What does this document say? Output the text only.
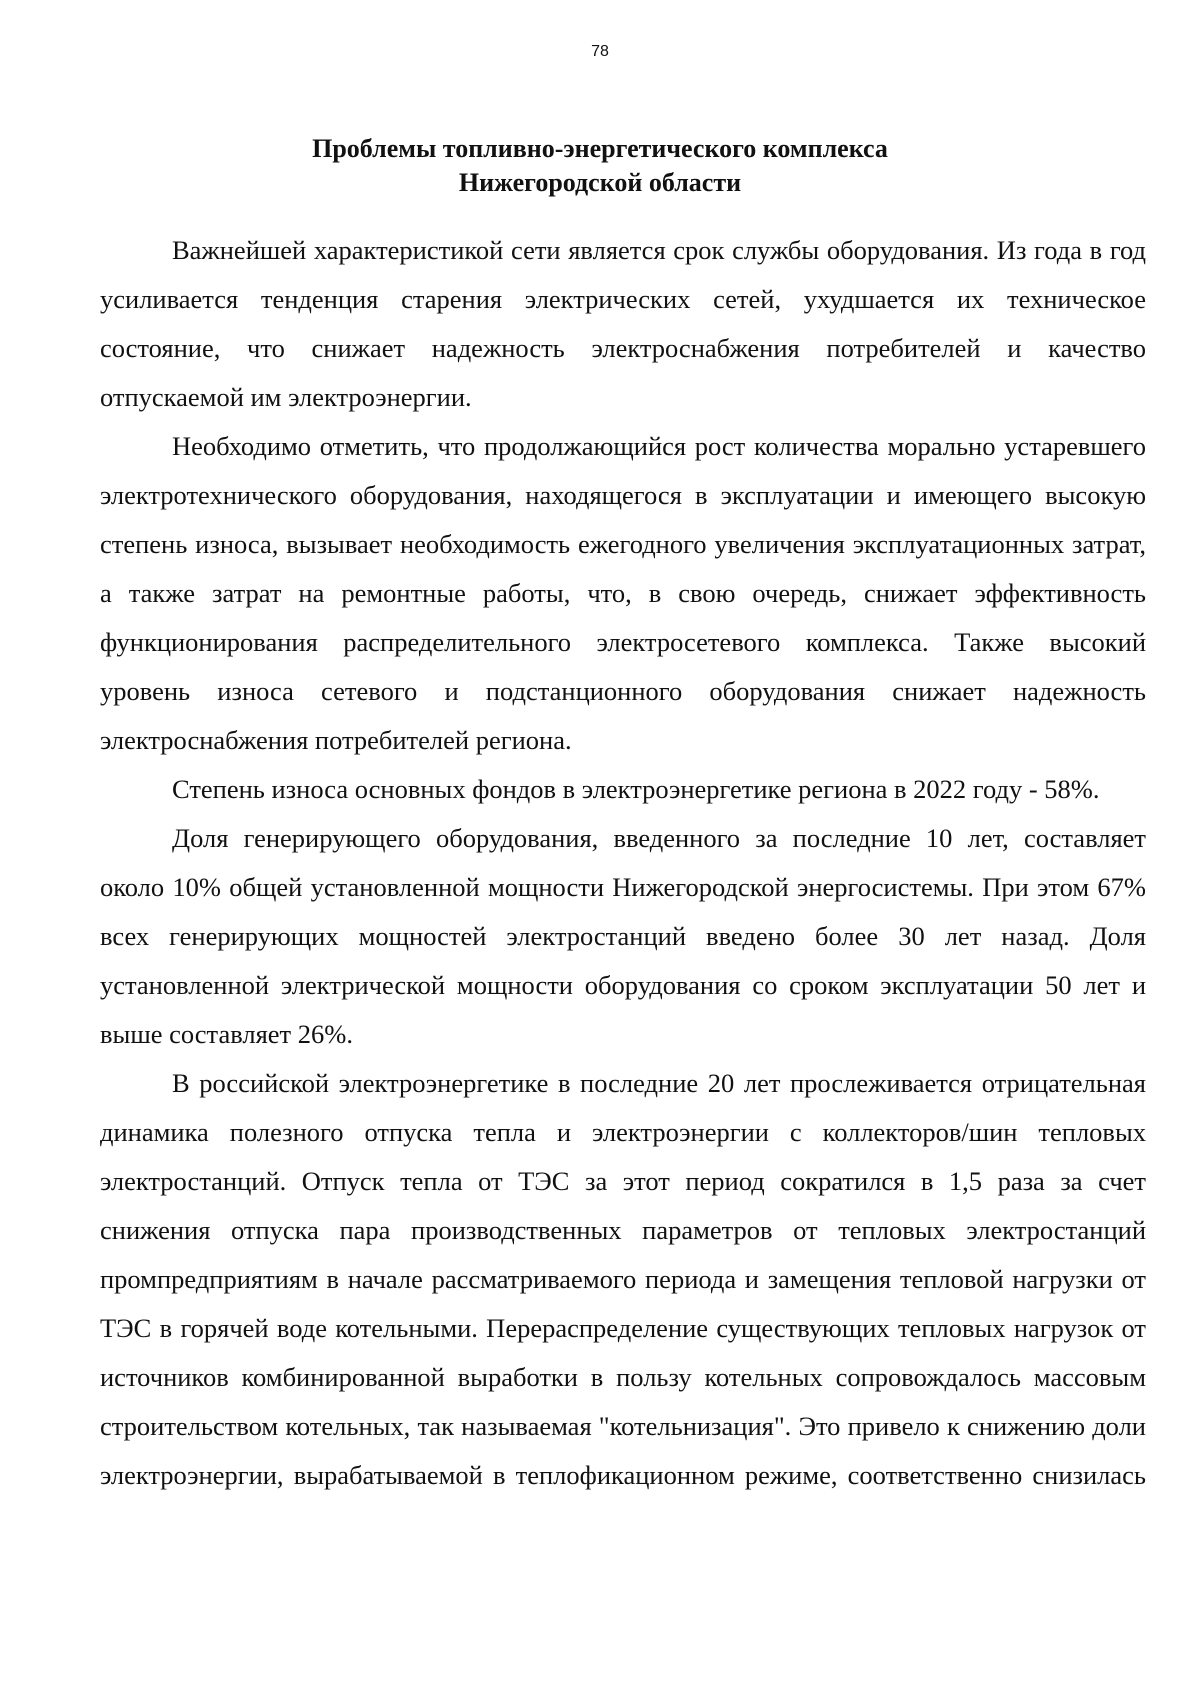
78
Проблемы топливно-энергетического комплекса
Нижегородской области

Важнейшей характеристикой сети является срок службы оборудования. Из года в год усиливается тенденция старения электрических сетей, ухудшается их техническое состояние, что снижает надежность электроснабжения потребителей и качество отпускаемой им электроэнергии.

Необходимо отметить, что продолжающийся рост количества морально устаревшего электротехнического оборудования, находящегося в эксплуатации и имеющего высокую степень износа, вызывает необходимость ежегодного увеличения эксплуатационных затрат, а также затрат на ремонтные работы, что, в свою очередь, снижает эффективность функционирования распределительного электросетевого комплекса. Также высокий уровень износа сетевого и подстанционного оборудования снижает надежность электроснабжения потребителей региона.

Степень износа основных фондов в электроэнергетике региона в 2022 году - 58%.

Доля генерирующего оборудования, введенного за последние 10 лет, составляет около 10% общей установленной мощности Нижегородской энергосистемы. При этом 67% всех генерирующих мощностей электростанций введено более 30 лет назад. Доля установленной электрической мощности оборудования со сроком эксплуатации 50 лет и выше составляет 26%.

В российской электроэнергетике в последние 20 лет прослеживается отрицательная динамика полезного отпуска тепла и электроэнергии с коллекторов/шин тепловых электростанций. Отпуск тепла от ТЭС за этот период сократился в 1,5 раза за счет снижения отпуска пара производственных параметров от тепловых электростанций промпредприятиям в начале рассматриваемого периода и замещения тепловой нагрузки от ТЭС в горячей воде котельными. Перераспределение существующих тепловых нагрузок от источников комбинированной выработки в пользу котельных сопровождалось массовым строительством котельных, так называемая "котельнизация". Это привело к снижению доли электроэнергии, вырабатываемой в теплофикационном режиме, соответственно снизилась
